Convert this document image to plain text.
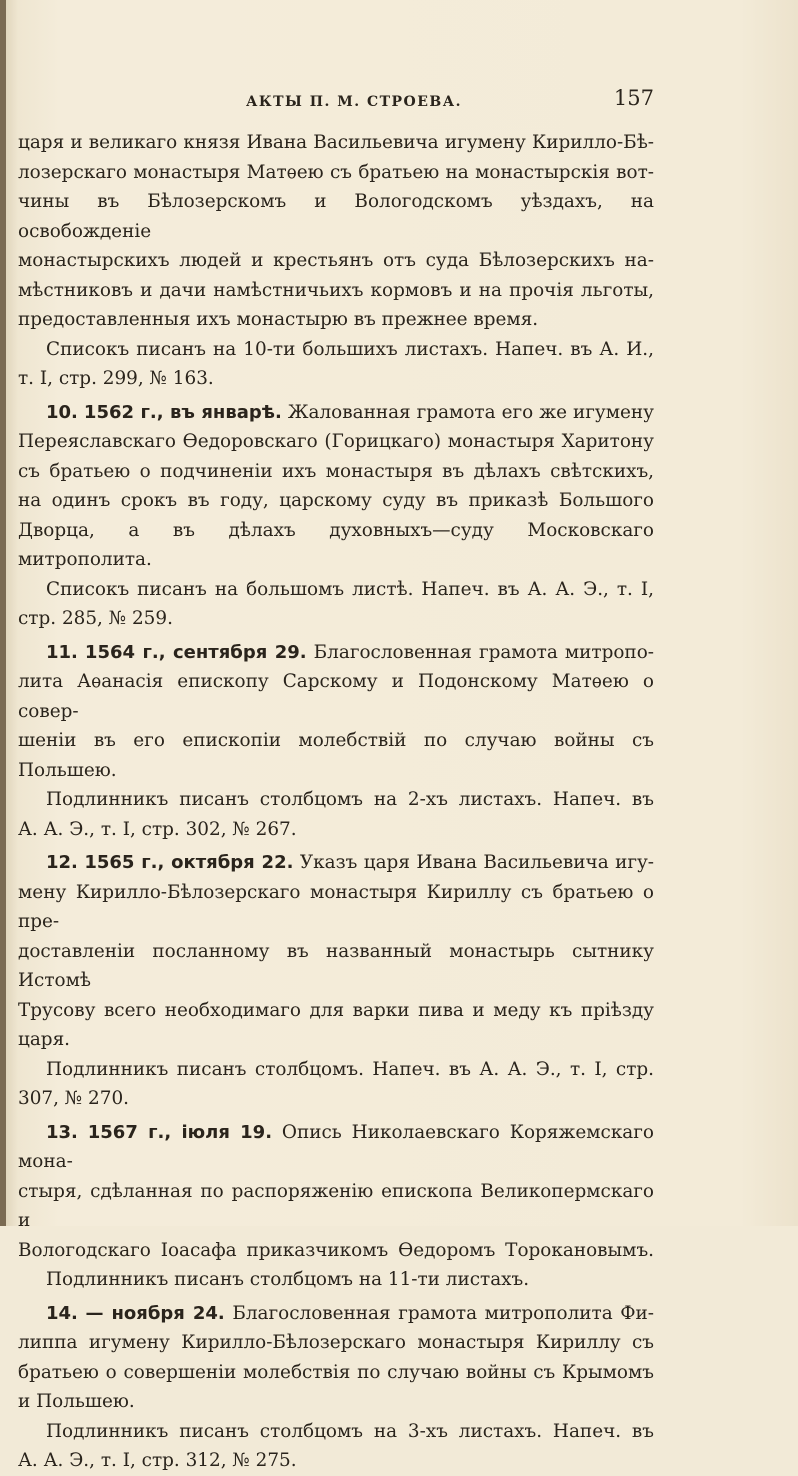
АКТЫ П. М. СТРОЕВА.	157

царя и великаго князя Ивана Васильевича игумену Кирилло-Бѣ-

лозерскаго монастыря Матѳею съ братьею на монастырскія вот-

чины въ Бѣлозерскомъ и Вологодскомъ уѣздахъ, на освобожденіе

монастырскихъ людей и крестьянъ отъ суда Бѣлозерскихъ на-

мѣстниковъ и дачи намѣстничьихъ кормовъ и на прочія льготы,

предоставленныя ихъ монастырю въ прежнее время.

Списокъ писанъ на 10-ти большихъ листахъ. Напеч. въ А. И.,

т. I, стр. 299, № 163.

10. 1562 г., въ январѣ. Жалованная грамота его же игумену

Переяславскаго Ѳедоровскаго (Горицкаго) монастыря Харитону

съ братьею о подчиненіи ихъ монастыря въ дѣлахъ свѣтскихъ,

на одинъ срокъ въ году, царскому суду въ приказѣ Большого

Дворца, а въ дѣлахъ духовныхъ—суду Московскаго митрополита.

Списокъ писанъ на большомъ листѣ. Напеч. въ А. А. Э., т. I,

стр. 285, № 259.

11. 1564 г., сентября 29. Благословенная грамота митропо-

лита Аѳанасія епископу Сарскому и Подонскому Матѳею о совер-

шеніи въ его епископіи молебствій по случаю войны съ Польшею.

Подлинникъ писанъ столбцомъ на 2-хъ листахъ. Напеч. въ

А. А. Э., т. I, стр. 302, № 267.

12. 1565 г., октября 22. Указъ царя Ивана Васильевича игу-

мену Кирилло-Бѣлозерскаго монастыря Кириллу съ братьею о пре-

доставленіи посланному въ названный монастырь сытнику Истомѣ

Трусову всего необходимаго для варки пива и меду къ пріѣзду

царя.

Подлинникъ писанъ столбцомъ. Напеч. въ А. А. Э., т. I, стр.

307, № 270.

13. 1567 г., іюля 19. Опись Николаевскаго Коряжемскаго мона-

стыря, сдѣланная по распоряженію епископа Великопермскаго и

Вологодскаго Іоасафа приказчикомъ Ѳедоромъ Тороканoвымъ.

Подлинникъ писанъ столбцомъ на 11-ти листахъ.

14. — ноября 24. Благословенная грамота митрополита Фи-

липпа игумену Кирилло-Бѣлозерскаго монастыря Кириллу съ

братьею о совершеніи молебствія по случаю войны съ Крымомъ

и Польшею.

Подлинникъ писанъ столбцомъ на 3-хъ листахъ. Напеч. въ

А. А. Э., т. I, стр. 312, № 275.
